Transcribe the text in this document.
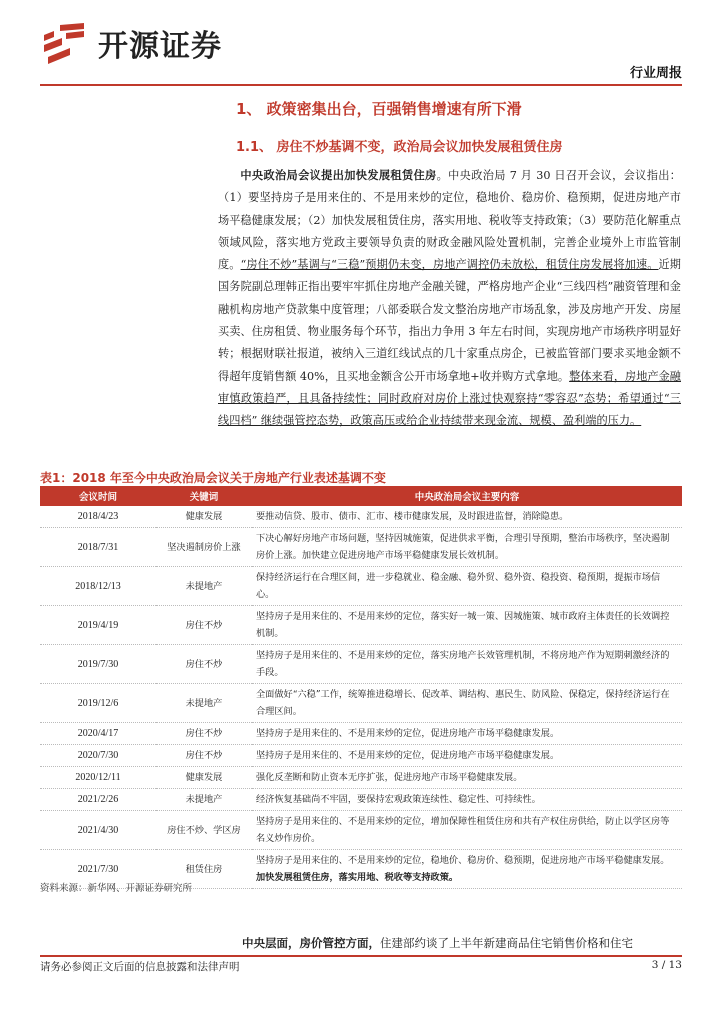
开源证券
行业周报
1、 政策密集出台，百强销售增速有所下滑
1.1、 房住不炒基调不变，政治局会议加快发展租赁住房
中央政治局会议提出加快发展租赁住房。中央政治局 7 月 30 日召开会议，会议指出：（1）要坚持房子是用来住的、不是用来炒的定位，稳地价、稳房价、稳预期，促进房地产市场平稳健康发展；（2）加快发展租赁住房，落实用地、税收等支持政策；（3）要防范化解重点领域风险，落实地方党政主要领导负责的财政金融风险处置机制，完善企业境外上市监管制度。“房住不炒”基调与“三稳”预期仍未变，房地产调控仍未放松，租赁住房发展将加速。近期国务院副总理韩正指出要牢牢抓住房地产金融关键，严格房地产企业“三线四档”融资管理和金融机构房地产贷款集中度管理；八部委联合发文整治房地产市场乱象，涉及房地产开发、房屋买卖、住房租赁、物业服务每个环节，指出力争用 3 年左右时间，实现房地产市场秩序明显好转；根据财联社报道，被纳入三道红线试点的几十家重点房企，已被监管部门要求买地金额不得超年度销售额 40%，且买地金额含公开市场拿地+收并购方式拿地。整体来看，房地产金融审慎政策趋严，且具备持续性；同时政府对房价上涨过快观察持“零容忍”态势；希望通过“三线四档” 继续强管控态势，政策高压或给企业持续带来现金流、规模、盈利端的压力。
表1：2018 年至今中央政治局会议关于房地产行业表述基调不变
会议时间	关键词	中央政治局会议主要内容
2018/4/23	健康发展	要推动信贷、股市、债市、汇市、楼市健康发展，及时跟进监督，消除隐患。
2018/7/31	坚决遏制房价上涨	下决心解好房地产市场问题，坚持因城施策，促进供求平衡，合理引导预期，整治市场秩序，坚决遏制房价上涨。加快建立促进房地产市场平稳健康发展长效机制。
2018/12/13	未提地产	保持经济运行在合理区间，进一步稳就业、稳金融、稳外贸、稳外资、稳投资、稳预期，提振市场信心。
2019/4/19	房住不炒	坚持房子是用来住的、不是用来炒的定位，落实好一城一策、因城施策、城市政府主体责任的长效调控机制。
2019/7/30	房住不炒	坚持房子是用来住的、不是用来炒的定位，落实房地产长效管理机制，不将房地产作为短期刺激经济的手段。
2019/12/6	未提地产	全面做好“六稳”工作，统筹推进稳增长、促改革、调结构、惠民生、防风险、保稳定，保持经济运行在合理区间。
2020/4/17	房住不炒	坚持房子是用来住的、不是用来炒的定位，促进房地产市场平稳健康发展。
2020/7/30	房住不炒	坚持房子是用来住的、不是用来炒的定位，促进房地产市场平稳健康发展。
2020/12/11	健康发展	强化反垄断和防止资本无序扩张，促进房地产市场平稳健康发展。
2021/2/26	未提地产	经济恢复基础尚不牢固，要保持宏观政策连续性、稳定性、可持续性。
2021/4/30	房住不炒、学区房	坚持房子是用来住的、不是用来炒的定位，增加保障性租赁住房和共有产权住房供给，防止以学区房等名义炒作房价。
2021/7/30	租赁住房	坚持房子是用来住的、不是用来炒的定位，稳地价、稳房价、稳预期，促进房地产市场平稳健康发展。加快发展租赁住房，落实用地、税收等支持政策。
资料来源：新华网、开源证券研究所
中央层面，房价管控方面，住建部约谈了上半年新建商品住宅销售价格和住宅
请务必参阅正文后面的信息披露和法律声明	3 / 13
